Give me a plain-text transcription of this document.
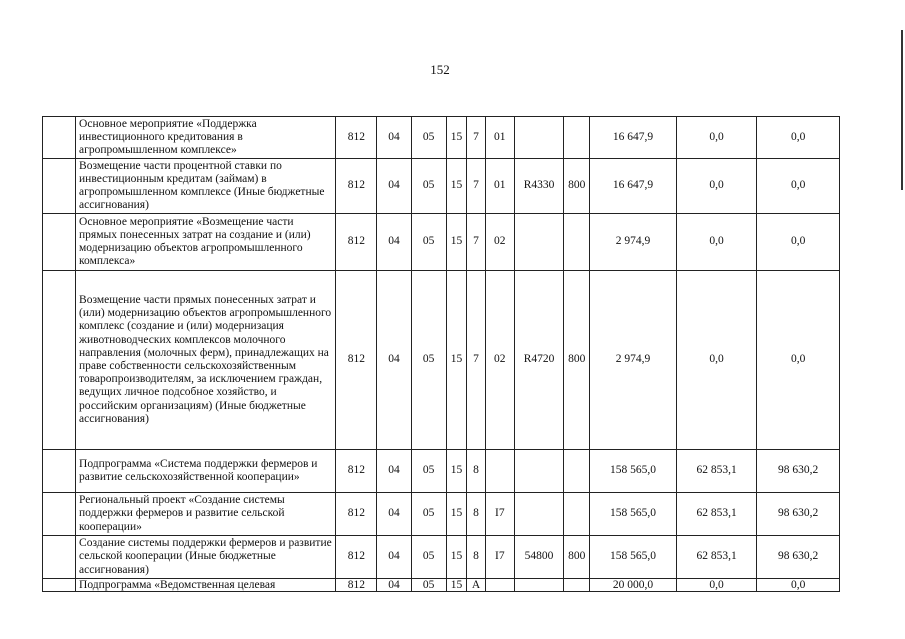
152
	Основное мероприятие «Поддержка инвестиционного кредитования в агропромышленном комплексе»	812	04	05	15	7	01			16 647,9	0,0	0,0
	Возмещение части процентной ставки по инвестиционным кредитам (займам) в агропромышленном комплексе (Иные бюджетные ассигнования)	812	04	05	15	7	01	R4330	800	16 647,9	0,0	0,0
	Основное мероприятие «Возмещение части прямых понесенных затрат на создание и (или) модернизацию объектов агропромышленного комплекса»	812	04	05	15	7	02			2 974,9	0,0	0,0
	Возмещение части прямых понесенных затрат и (или) модернизацию объектов агропромышленного комплекс (создание и (или) модернизация животноводческих комплексов молочного направления (молочных ферм), принадлежащих на праве собственности сельскохозяйственным товаропроизводителям, за исключением граждан, ведущих личное подсобное хозяйство, и российским организациям) (Иные бюджетные ассигнования)	812	04	05	15	7	02	R4720	800	2 974,9	0,0	0,0
	Подпрограмма «Система поддержки фермеров и развитие сельскохозяйственной кооперации»	812	04	05	15	8				158 565,0	62 853,1	98 630,2
	Региональный проект «Создание системы поддержки фермеров и развитие сельской кооперации»	812	04	05	15	8	I7			158 565,0	62 853,1	98 630,2
	Создание системы поддержки фермеров и развитие сельской кооперации (Иные бюджетные ассигнования)	812	04	05	15	8	I7	54800	800	158 565,0	62 853,1	98 630,2
	Подпрограмма «Ведомственная целевая	812	04	05	15	А				20 000,0	0,0	0,0
